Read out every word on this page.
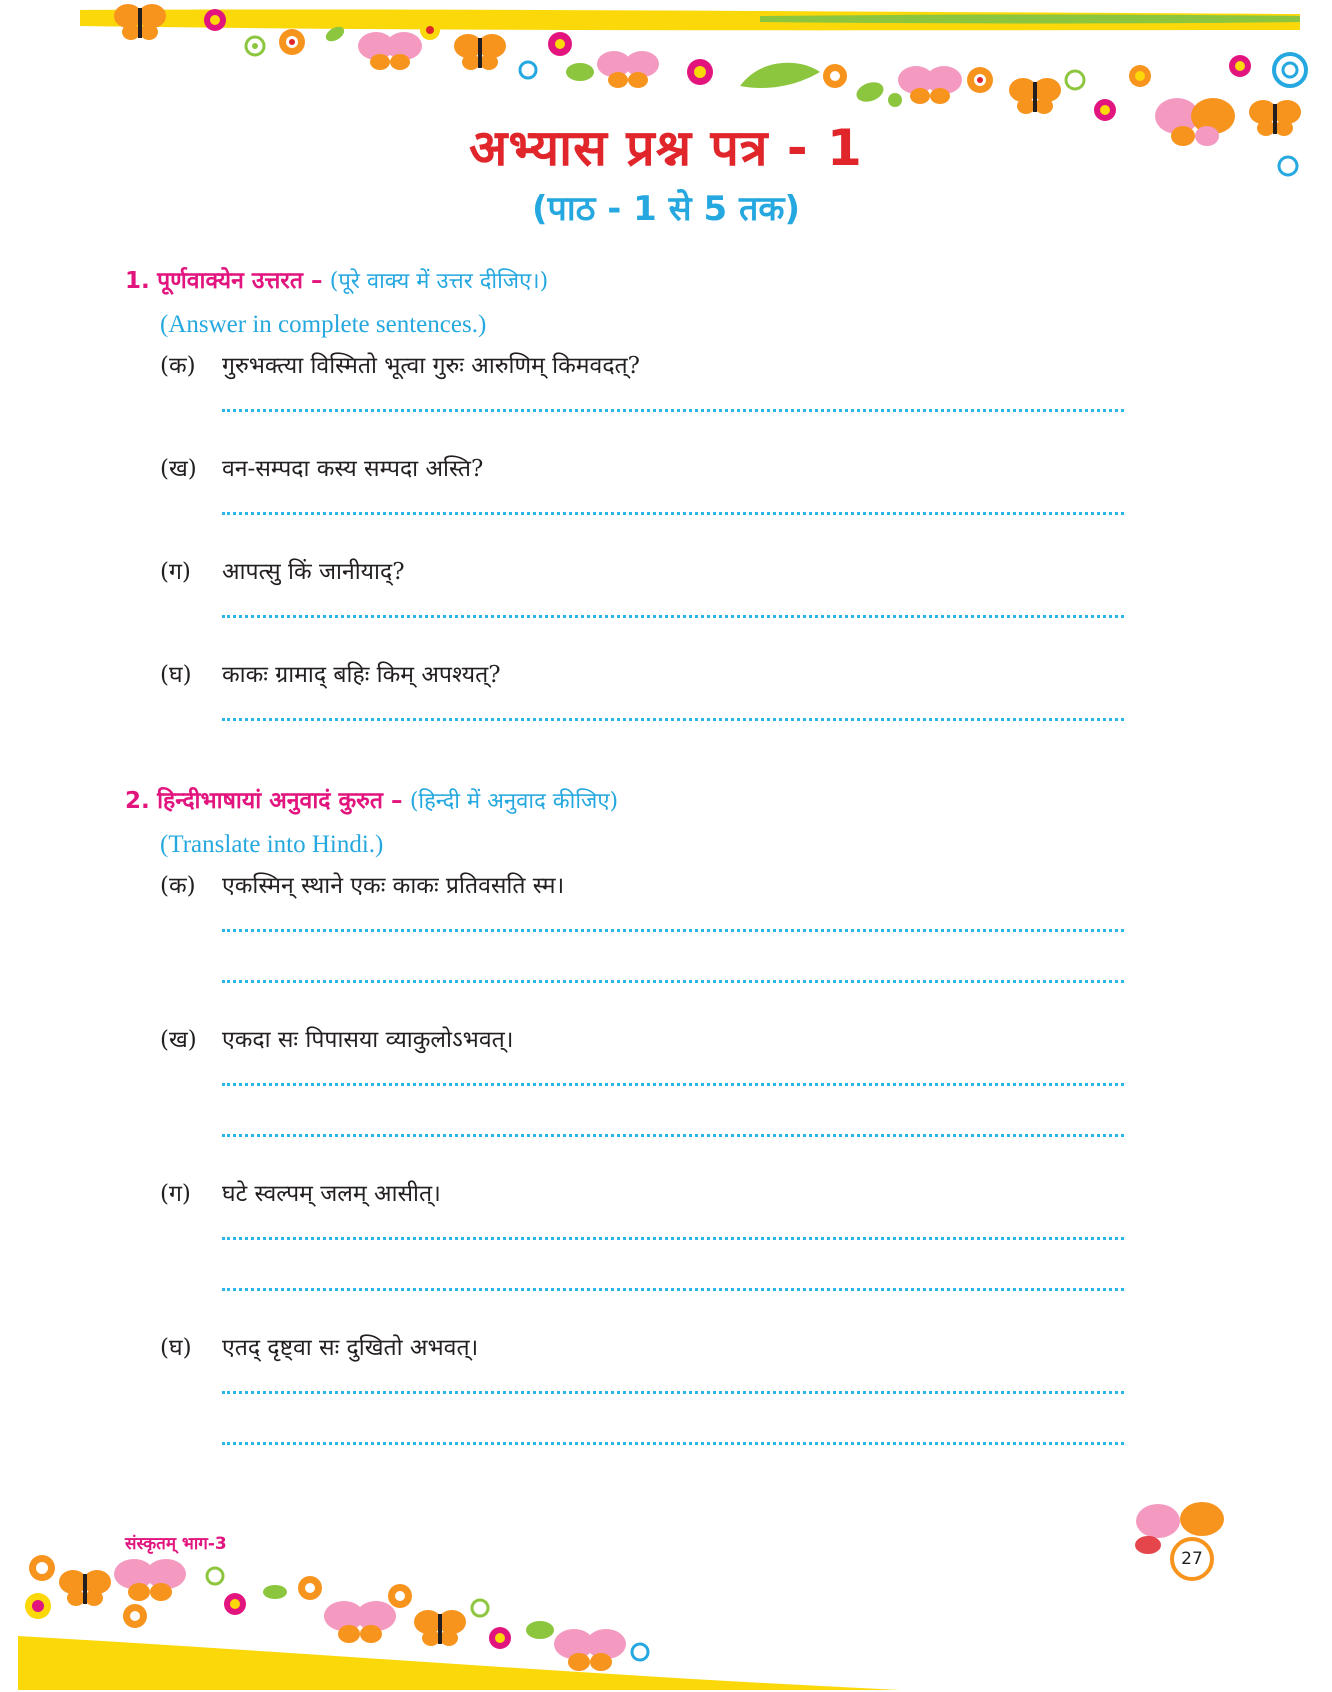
अभ्यास प्रश्न पत्र - 1
(पाठ - 1 से 5 तक)
1. पूर्णवाक्येन उत्तरत – (पूरे वाक्य में उत्तर दीजिए।)
(Answer in complete sentences.)
(क)	गुरुभक्त्या विस्मितो भूत्वा गुरुः आरुणिम् किमवदत्?
(ख)	वन-सम्पदा कस्य सम्पदा अस्ति?
(ग)	आपत्सु किं जानीयाद्?
(घ)	काकः ग्रामाद् बहिः किम् अपश्यत्?
2. हिन्दीभाषायां अनुवादं कुरुत – (हिन्दी में अनुवाद कीजिए)
(Translate into Hindi.)
(क)	एकस्मिन् स्थाने एकः काकः प्रतिवसति स्म।
(ख)	एकदा सः पिपासया व्याकुलोऽभवत्।
(ग)	घटे स्वल्पम् जलम् आसीत्।
(घ)	एतद् दृष्ट्वा सः दुखितो अभवत्।
संस्कृतम् भाग-3
27
